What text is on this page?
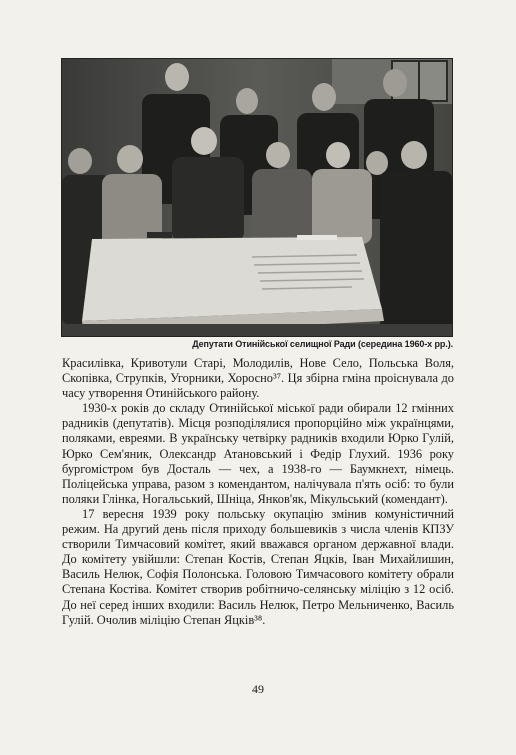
Депутати Отинійської селищної Ради (середина 1960-х рр.).

Красилівка, Кривотули Старі, Молодилів, Нове Село, Польська Воля, Скопівка, Струпків, Угорники, Хоросно³⁷. Ця збірна гміна проіснувала до часу утворення Отинійського району.

1930-х років до складу Отинійської міської ради обирали 12 гмінних радників (депутатів). Місця розподілялися пропорційно між українцями, поляками, евреями. В українську четвірку радників входили Юрко Гулій, Юрко Сем'яник, Олександр Атановський і Федір Глухий. 1936 року бургомістром був Досталь — чех, а 1938-го — Баумкнехт, німець. Поліцейська управа, разом з комендантом, налічувала п'ять осіб: то були поляки Глінка, Ногальський, Шніца, Янков'як, Мікульський (комендант).

17 вересня 1939 року польську окупацію змінив комуністичний режим. На другий день після приходу большевиків з числа членів КПЗУ створили Тимчасовий комітет, який вважався органом державної влади. До комітету увійшли: Степан Костів, Степан Яцків, Іван Михайлишин, Василь Нелюк, Софія Полонська. Головою Тимчасового комітету обрали Степана Костіва. Комітет створив робітничо-селянську міліцію з 12 осіб. До неї серед інших входили: Василь Нелюк, Петро Мельниченко, Василь Гулій. Очолив міліцію Степан Яцків³⁸.

49
